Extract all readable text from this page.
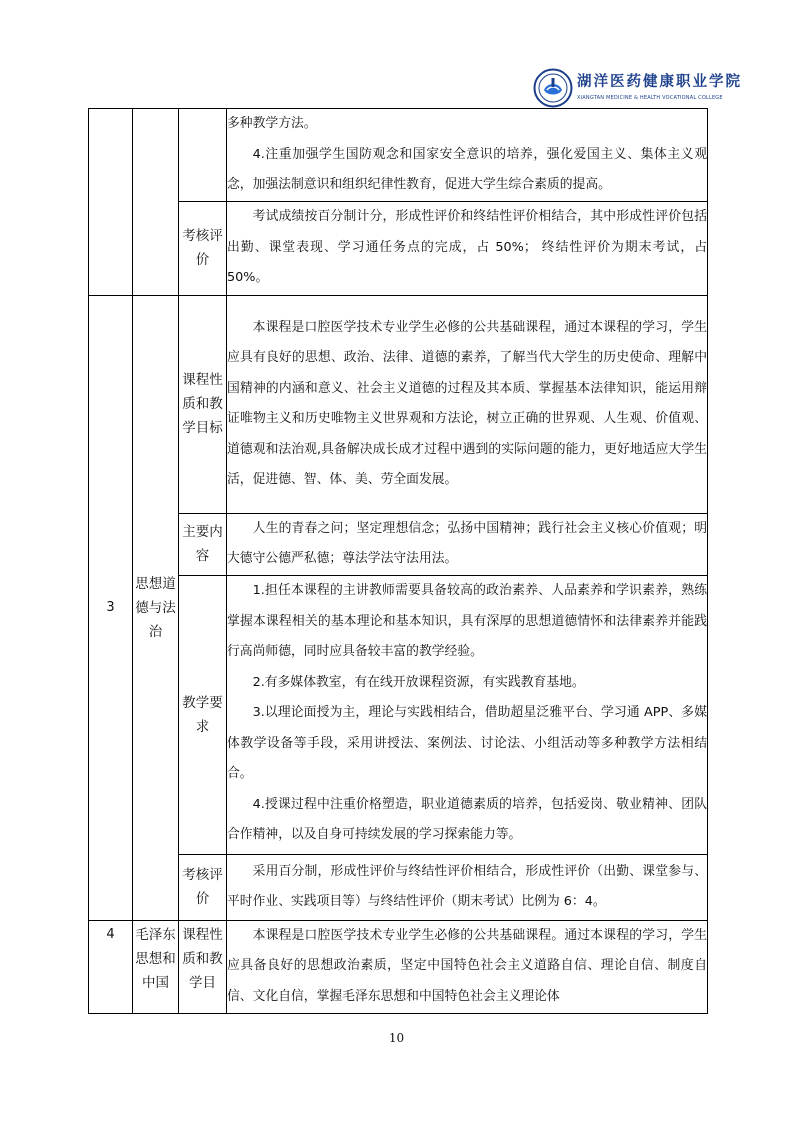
湖洋医药健康职业学院
XIANGTAN MEDICINE & HEALTH VOCATIONAL COLLEGE

			多种教学方法。

4.注重加强学生国防观念和国家安全意识的培养，强化爱国主义、集体主义观念，加强法制意识和组织纪律性教育，促进大学生综合素质的提高。

		考核评价	考试成绩按百分制计分，形成性评价和终结性评价相结合，其中形成性评价包括出勤、课堂表现、学习通任务点的完成，占 50%； 终结性评价为期末考试，占 50%。

3	思想道德与法治	课程性质和教学目标	本课程是口腔医学技术专业学生必修的公共基础课程，通过本课程的学习，学生应具有良好的思想、政治、法律、道德的素养，了解当代大学生的历史使命、理解中国精神的内涵和意义、社会主义道德的过程及其本质、掌握基本法律知识，能运用辩证唯物主义和历史唯物主义世界观和方法论，树立正确的世界观、人生观、价值观、道德观和法治观,具备解决成长成才过程中遇到的实际问题的能力，更好地适应大学生活，促进德、智、体、美、劳全面发展。

		主要内容	人生的青春之问；坚定理想信念；弘扬中国精神；践行社会主义核心价值观；明大德守公德严私德；尊法学法守法用法。

		教学要求	1.担任本课程的主讲教师需要具备较高的政治素养、人品素养和学识素养，熟练掌握本课程相关的基本理论和基本知识，具有深厚的思想道德情怀和法律素养并能践行高尚师德，同时应具备较丰富的教学经验。

2.有多媒体教室，有在线开放课程资源，有实践教育基地。

3.以理论面授为主，理论与实践相结合，借助超星泛雅平台、学习通 APP、多媒体教学设备等手段，采用讲授法、案例法、讨论法、小组活动等多种教学方法相结合。

4.授课过程中注重价格塑造，职业道德素质的培养，包括爱岗、敬业精神、团队合作精神，以及自身可持续发展的学习探索能力等。

		考核评价	采用百分制，形成性评价与终结性评价相结合，形成性评价（出勤、课堂参与、平时作业、实践项目等）与终结性评价（期末考试）比例为 6：4。

4	毛泽东思想和中国	课程性质和教学目	本课程是口腔医学技术专业学生必修的公共基础课程。通过本课程的学习，学生应具备良好的思想政治素质，坚定中国特色社会主义道路自信、理论自信、制度自信、文化自信，掌握毛泽东思想和中国特色社会主义理论体

10
